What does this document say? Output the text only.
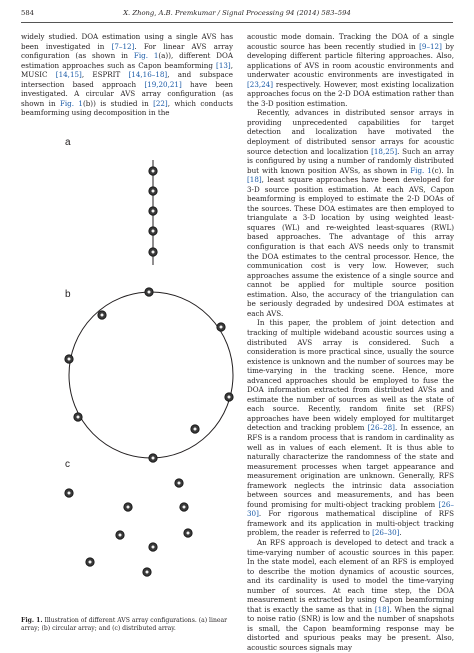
584	X. Zhong, A.B. Premkumar / Signal Processing 94 (2014) 583–594

widely studied. DOA estimation using a single AVS has been investigated in [7–12]. For linear AVS array configuration (as shown in Fig. 1(a)), different DOA estimation approaches such as Capon beamforming [13], MUSIC [14,15], ESPRIT [14,16–18], and subspace intersection based approach [19,20,21] have been investigated. A circular AVS array configuration (as shown in Fig. 1(b)) is studied in [22], which conducts beamforming using decomposition in the

acoustic mode domain. Tracking the DOA of a single acoustic source has been recently studied in [9–12] by developing different particle filtering approaches. Also, applications of AVS in room acoustic environments and underwater acoustic environments are investigated in [23,24] respectively. However, most existing localization approaches focus on the 2-D DOA estimation rather than the 3-D position estimation.

Recently, advances in distributed sensor arrays in providing unprecedented capabilities for target detection and localization have motivated the deployment of distributed sensor arrays for acoustic source detection and localization [18,25]. Such an array is configured by using a number of randomly distributed but with known position AVSs, as shown in Fig. 1(c). In [18], least square approaches have been developed for 3-D source position estimation. At each AVS, Capon beamforming is employed to estimate the 2-D DOAs of the sources. These DOA estimates are then employed to triangulate a 3-D location by using weighted least-squares (WL) and re-weighted least-squares (RWL) based approaches. The advantage of this array configuration is that each AVS needs only to transmit the DOA estimates to the central processor. Hence, the communication cost is very low. However, such approaches assume the existence of a single source and cannot be applied for multiple source position estimation. Also, the accuracy of the triangulation can be seriously degraded by undesired DOA estimates at each AVS.

In this paper, the problem of joint detection and tracking of multiple wideband acoustic sources using a distributed AVS array is considered. Such a consideration is more practical since, usually the source existence is unknown and the number of sources may be time-varying in the tracking scene. Hence, more advanced approaches should be employed to fuse the DOA information extracted from distributed AVSs and estimate the number of sources as well as the state of each source. Recently, random finite set (RFS) approaches have been widely employed for multitarget detection and tracking problem [26–28]. In essence, an RFS is a random process that is random in cardinality as well as in values of each element. It is thus able to naturally characterize the randomness of the state and measurement processes when target appearance and measurement origination are unknown. Generally, RFS framework neglects the intrinsic data association between sources and measurements, and has been found promising for multi-object tracking problem [26–30]. For rigorous mathematical discipline of RFS framework and its application in multi-object tracking problem, the reader is referred to [26–30].

An RFS approach is developed to detect and track a time-varying number of acoustic sources in this paper. In the state model, each element of an RFS is employed to describe the motion dynamics of acoustic sources, and its cardinality is used to model the time-varying number of sources. At each time step, the DOA measurement is extracted by using Capon beamforming that is exactly the same as that in [18]. When the signal to noise ratio (SNR) is low and the number of snapshots is small, the Capon beamforming response may be distorted and spurious peaks may be present. Also, acoustic sources signals may

a
b
c
Fig. 1. Illustration of different AVS array configurations. (a) linear array; (b) circular array; and (c) distributed array.
